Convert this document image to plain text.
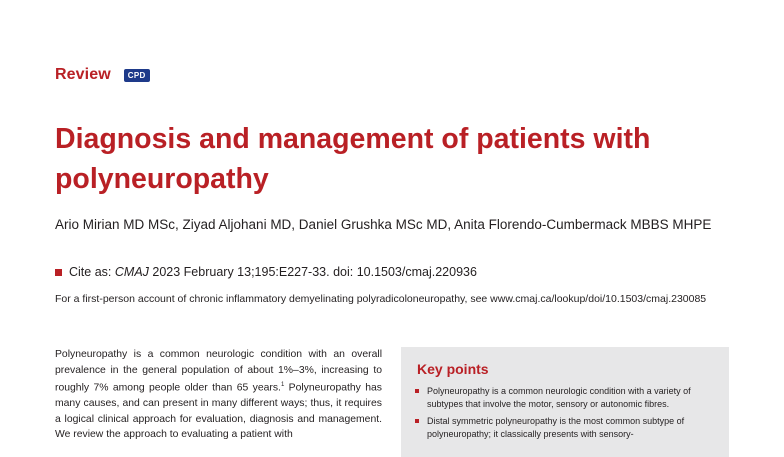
Review	CPD
Diagnosis and management of patients with polyneuropathy
Ario Mirian MD MSc, Ziyad Aljohani MD, Daniel Grushka MSc MD, Anita Florendo-Cumbermack MBBS MHPE
Cite as:
CMAJ
2023 February 13;195:E227-33. doi: 10.1503/cmaj.220936
For a first-person account of chronic inflammatory demyelinating polyradicoloneuropathy, see www.cmaj.ca/lookup/doi/10.1503/cmaj.230085

Polyneuropathy is a common neurologic condition with an overall prevalence in the general population of about 1%–3%, increasing to roughly 7% among people older than 65 years.$^1$ Polyneuropathy has many causes, and can present in many different ways; thus, it requires a logical clinical approach for evaluation, diagnosis and management. We review the approach to evaluating a patient with

Key points
Polyneuropathy is a common neurologic condition with a variety of subtypes that involve the motor, sensory or autonomic fibres.
Distal symmetric polyneuropathy is the most common subtype of polyneuropathy; it classically presents with sensory-
